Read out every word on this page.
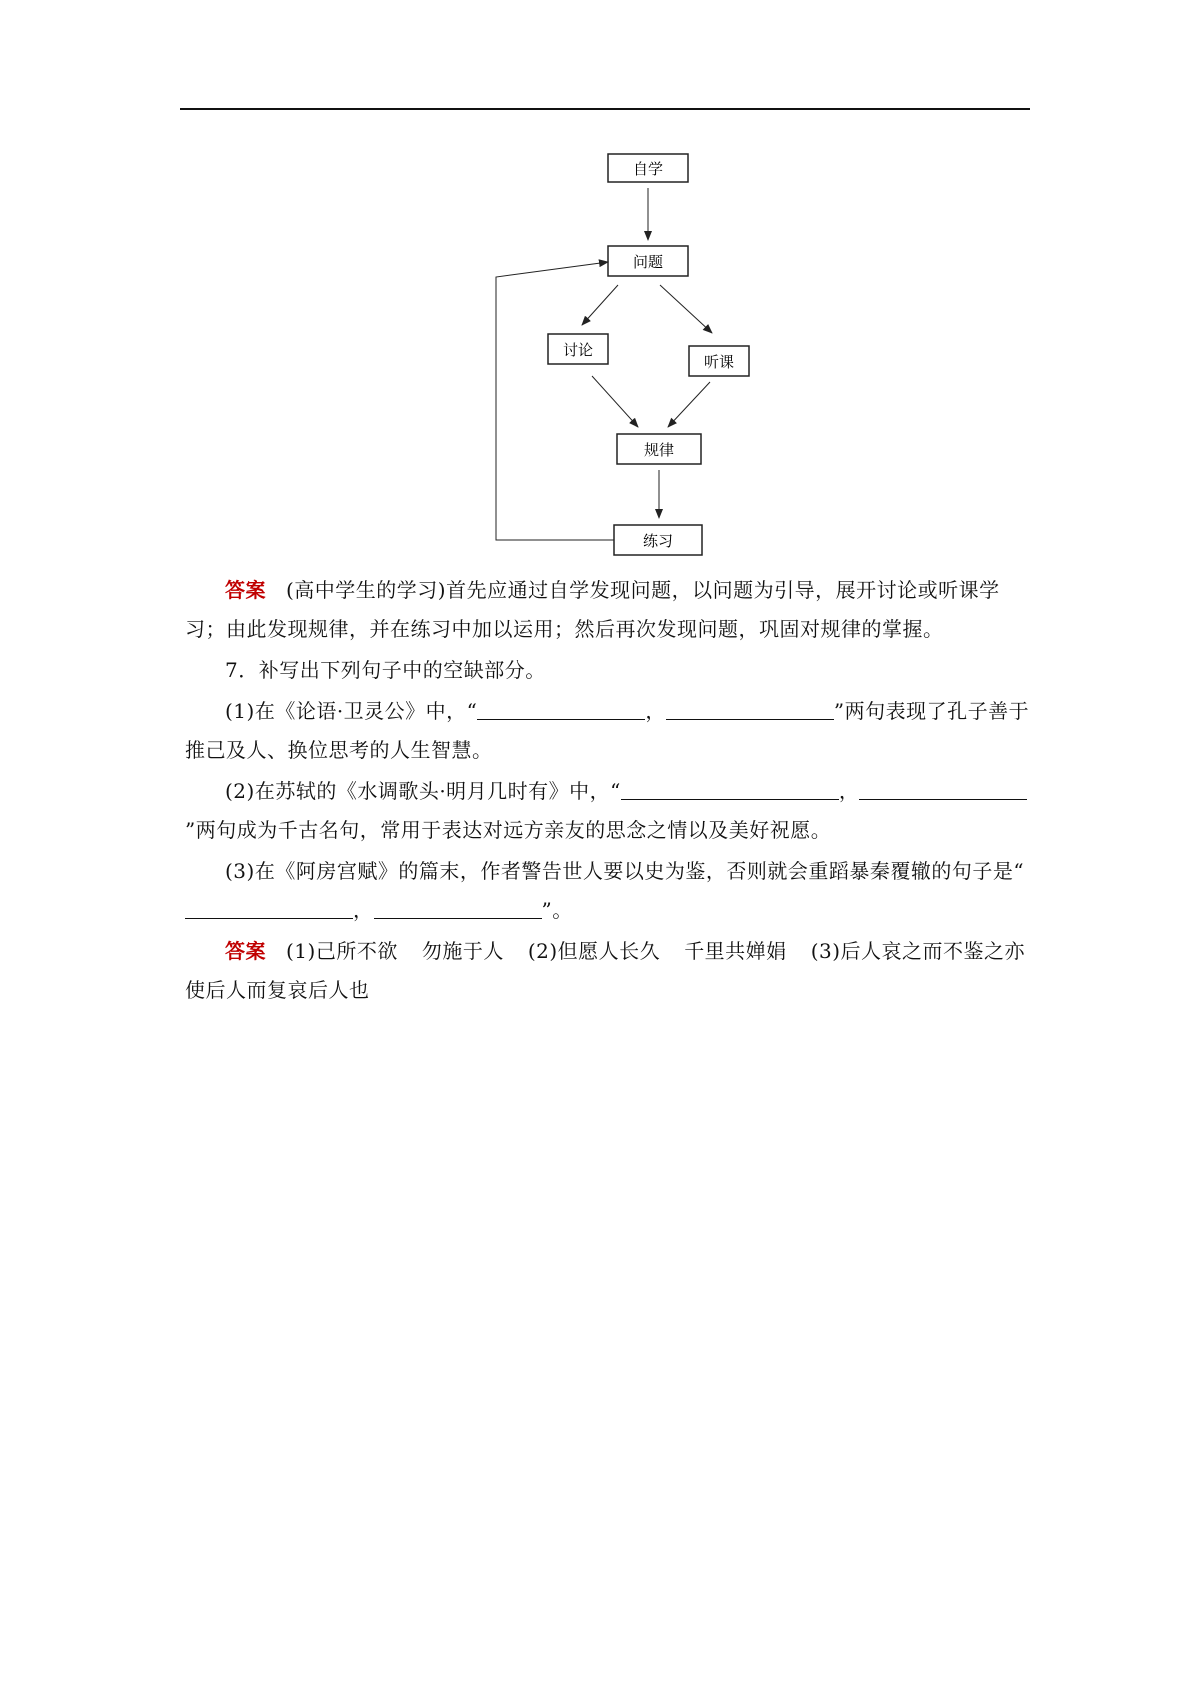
自学
问题
讨论
听课
规律
练习

答案 (高中学生的学习)首先应通过自学发现问题，以问题为引导，展开讨论或听课学习；由此发现规律，并在练习中加以运用；然后再次发现问题，巩固对规律的掌握。

7．补写出下列句子中的空缺部分。

(1)在《论语·卫灵公》中，“	，	”两句表现了孔子善于推己及人、换位思考的人生智慧。

(2)在苏轼的《水调歌头·明月几时有》中，“	，”两句成为千古名句，常用于表达对远方亲友的思念之情以及美好祝愿。

(3)在《阿房宫赋》的篇末，作者警告世人要以史为鉴，否则就会重蹈暴秦覆辙的句子是“，	”。

答案 (1)己所不欲 勿施于人 (2)但愿人长久 千里共婵娟 (3)后人哀之而不鉴之亦使后人而复哀后人也
